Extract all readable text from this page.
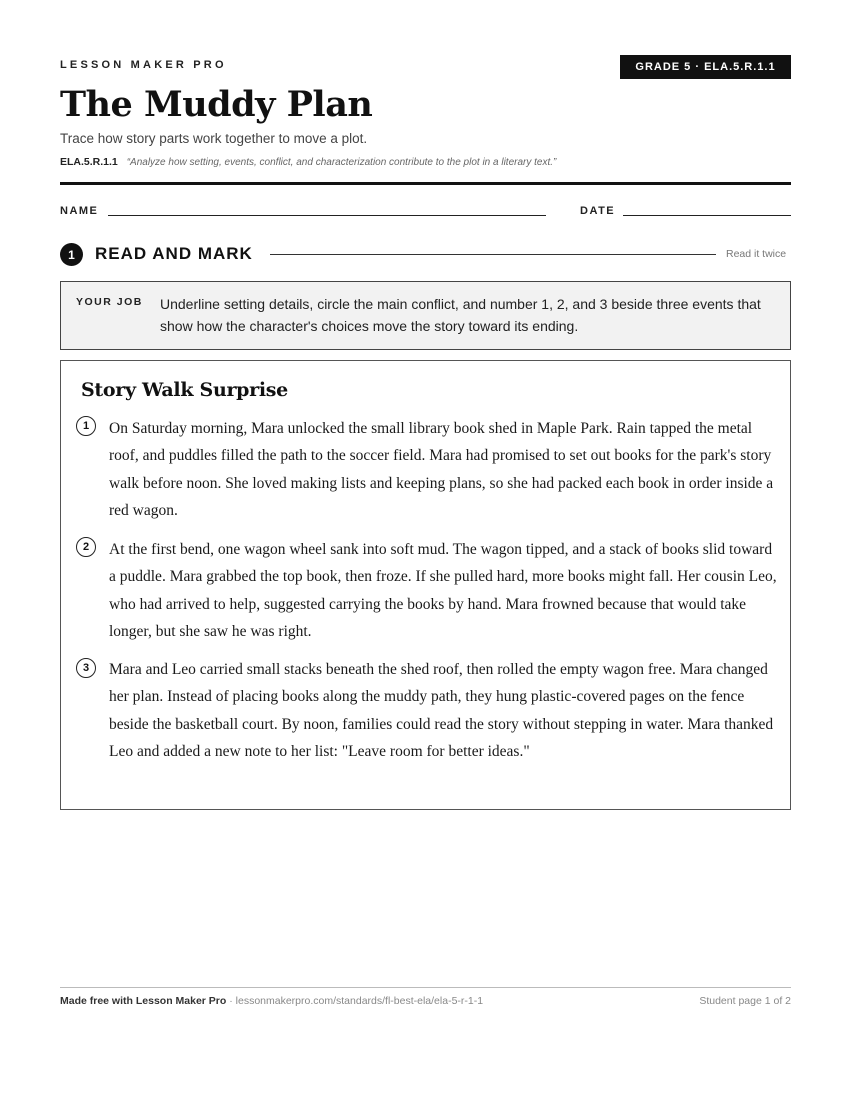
LESSON MAKER PRO	GRADE 5 · ELA.5.R.1.1
The Muddy Plan
Trace how story parts work together to move a plot.
ELA.5.R.1.1 “Analyze how setting, events, conflict, and characterization contribute to the plot in a literary text.”
NAME	DATE
1	READ AND MARK	Read it twice
YOUR JOB Underline setting details, circle the main conflict, and number 1, 2, and 3 beside three events that show how the character's choices move the story toward its ending.
Story Walk Surprise
1	On Saturday morning, Mara unlocked the small library book shed in Maple Park. Rain tapped the metal roof, and puddles filled the path to the soccer field. Mara had promised to set out books for the park's story walk before noon. She loved making lists and keeping plans, so she had packed each book in order inside a red wagon.
2	At the first bend, one wagon wheel sank into soft mud. The wagon tipped, and a stack of books slid toward a puddle. Mara grabbed the top book, then froze. If she pulled hard, more books might fall. Her cousin Leo, who had arrived to help, suggested carrying the books by hand. Mara frowned because that would take longer, but she saw he was right.
3	Mara and Leo carried small stacks beneath the shed roof, then rolled the empty wagon free. Mara changed her plan. Instead of placing books along the muddy path, they hung plastic-covered pages on the fence beside the basketball court. By noon, families could read the story without stepping in water. Mara thanked Leo and added a new note to her list: "Leave room for better ideas."
Made free with Lesson Maker Pro · lessonmakerpro.com/standards/fl-best-ela/ela-5-r-1-1	Student page 1 of 2
